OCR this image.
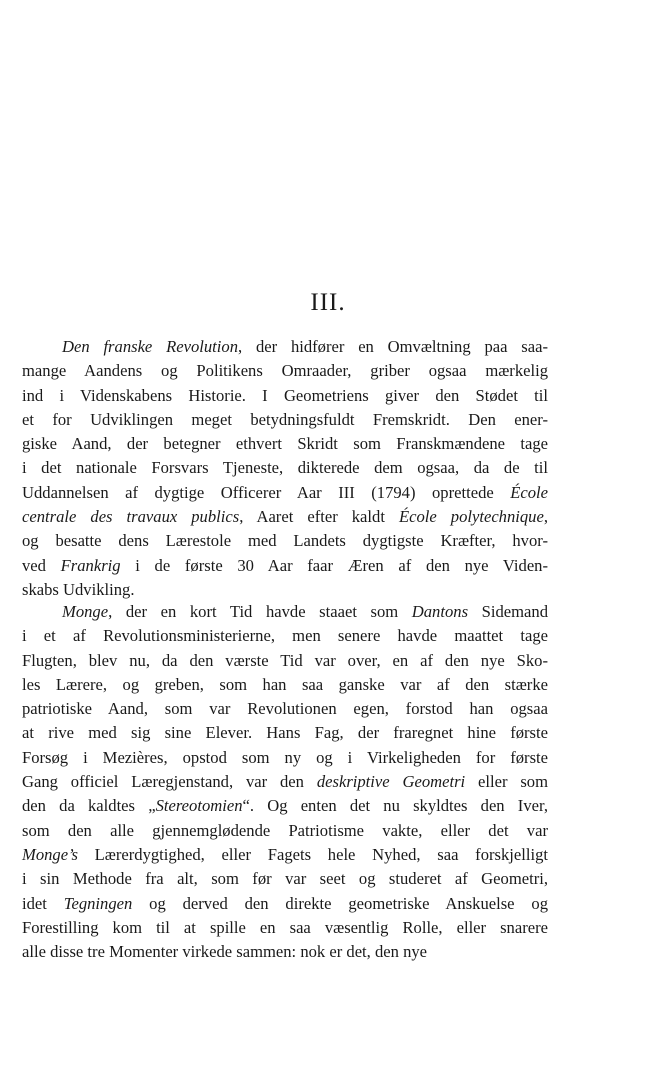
III.

Den franske Revolution, der hidfører en Omvæltning paa saa-
mange Aandens og Politikens Omraader, griber ogsaa mærkelig
ind i Videnskabens Historie. I Geometriens giver den Stødet til
et for Udviklingen meget betydningsfuldt Fremskridt. Den ener-
giske Aand, der betegner ethvert Skridt som Franskmændene tage
i det nationale Forsvars Tjeneste, dikterede dem ogsaa, da de til
Uddannelsen af dygtige Officerer Aar III (1794) oprettede École
centrale des travaux publics, Aaret efter kaldt École polytechnique,
og besatte dens Lærestole med Landets dygtigste Kræfter, hvor-
ved Frankrig i de første 30 Aar faar Æren af den nye Viden-
skabs Udvikling.

Monge, der en kort Tid havde staaet som Dantons Sidemand
i et af Revolutionsministerierne, men senere havde maattet tage
Flugten, blev nu, da den værste Tid var over, en af den nye Sko-
les Lærere, og greben, som han saa ganske var af den stærke
patriotiske Aand, som var Revolutionen egen, forstod han ogsaa
at rive med sig sine Elever. Hans Fag, der fraregnet hine første
Forsøg i Mezières, opstod som ny og i Virkeligheden for første
Gang officiel Læregjenstand, var den deskriptive Geometri eller som
den da kaldtes „Stereotomien“. Og enten det nu skyldtes den Iver,
som den alle gjennemglødende Patriotisme vakte, eller det var
Monge’s Lærerdygtighed, eller Fagets hele Nyhed, saa forskjelligt
i sin Methode fra alt, som før var seet og studeret af Geometri,
idet Tegningen og derved den direkte geometriske Anskuelse og
Forestilling kom til at spille en saa væsentlig Rolle, eller snarere
alle disse tre Momenter virkede sammen: nok er det, den nye
